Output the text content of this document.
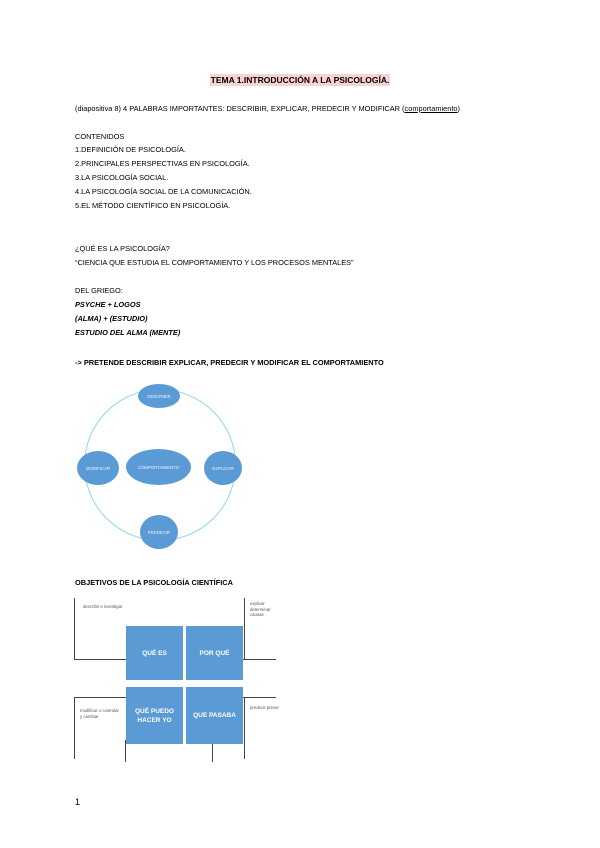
TEMA 1.INTRODUCCIÓN A LA PSICOLOGÍA.
(diapositiva 8) 4 PALABRAS IMPORTANTES: DESCRIBIR, EXPLICAR, PREDECIR Y MODIFICAR (comportamiento)
CONTENIDOS
1.DEFINICIÓN DE PSICOLOGÍA.
2.PRINCIPALES PERSPECTIVAS EN PSICOLOGÍA.
3.LA PSICOLOGÍA SOCIAL.
4.LA PSICOLOGÍA SOCIAL DE LA COMUNICACIÓN.
5.EL MÉTODO CIENTÍFICO EN PSICOLOGÍA.
¿QUÉ ES LA PSICOLOGÍA?
“CIENCIA QUE ESTUDIA EL COMPORTAMIENTO Y LOS PROCESOS MENTALES”
DEL GRIEGO:
PSYCHE + LOGOS
(ALMA) + (ESTUDIO)
ESTUDIO DEL ALMA (MENTE)
-> PRETENDE DESCRIBIR EXPLICAR, PREDECIR Y MODIFICAR EL COMPORTAMIENTO
DESCRIBIR
COMPORTAMIENTO
MODIFICAR	EXPLICAR
PREDECIR
OBJETIVOS DE LA PSICOLOGÍA CIENTÍFICA
QUÉ ES	POR QUÉ
QUÉ PUEDO HACER YO
QUE PASABA
describir e investigar
explicar determinar causas
modificar o controlar y cambiar
predecir prever
1
